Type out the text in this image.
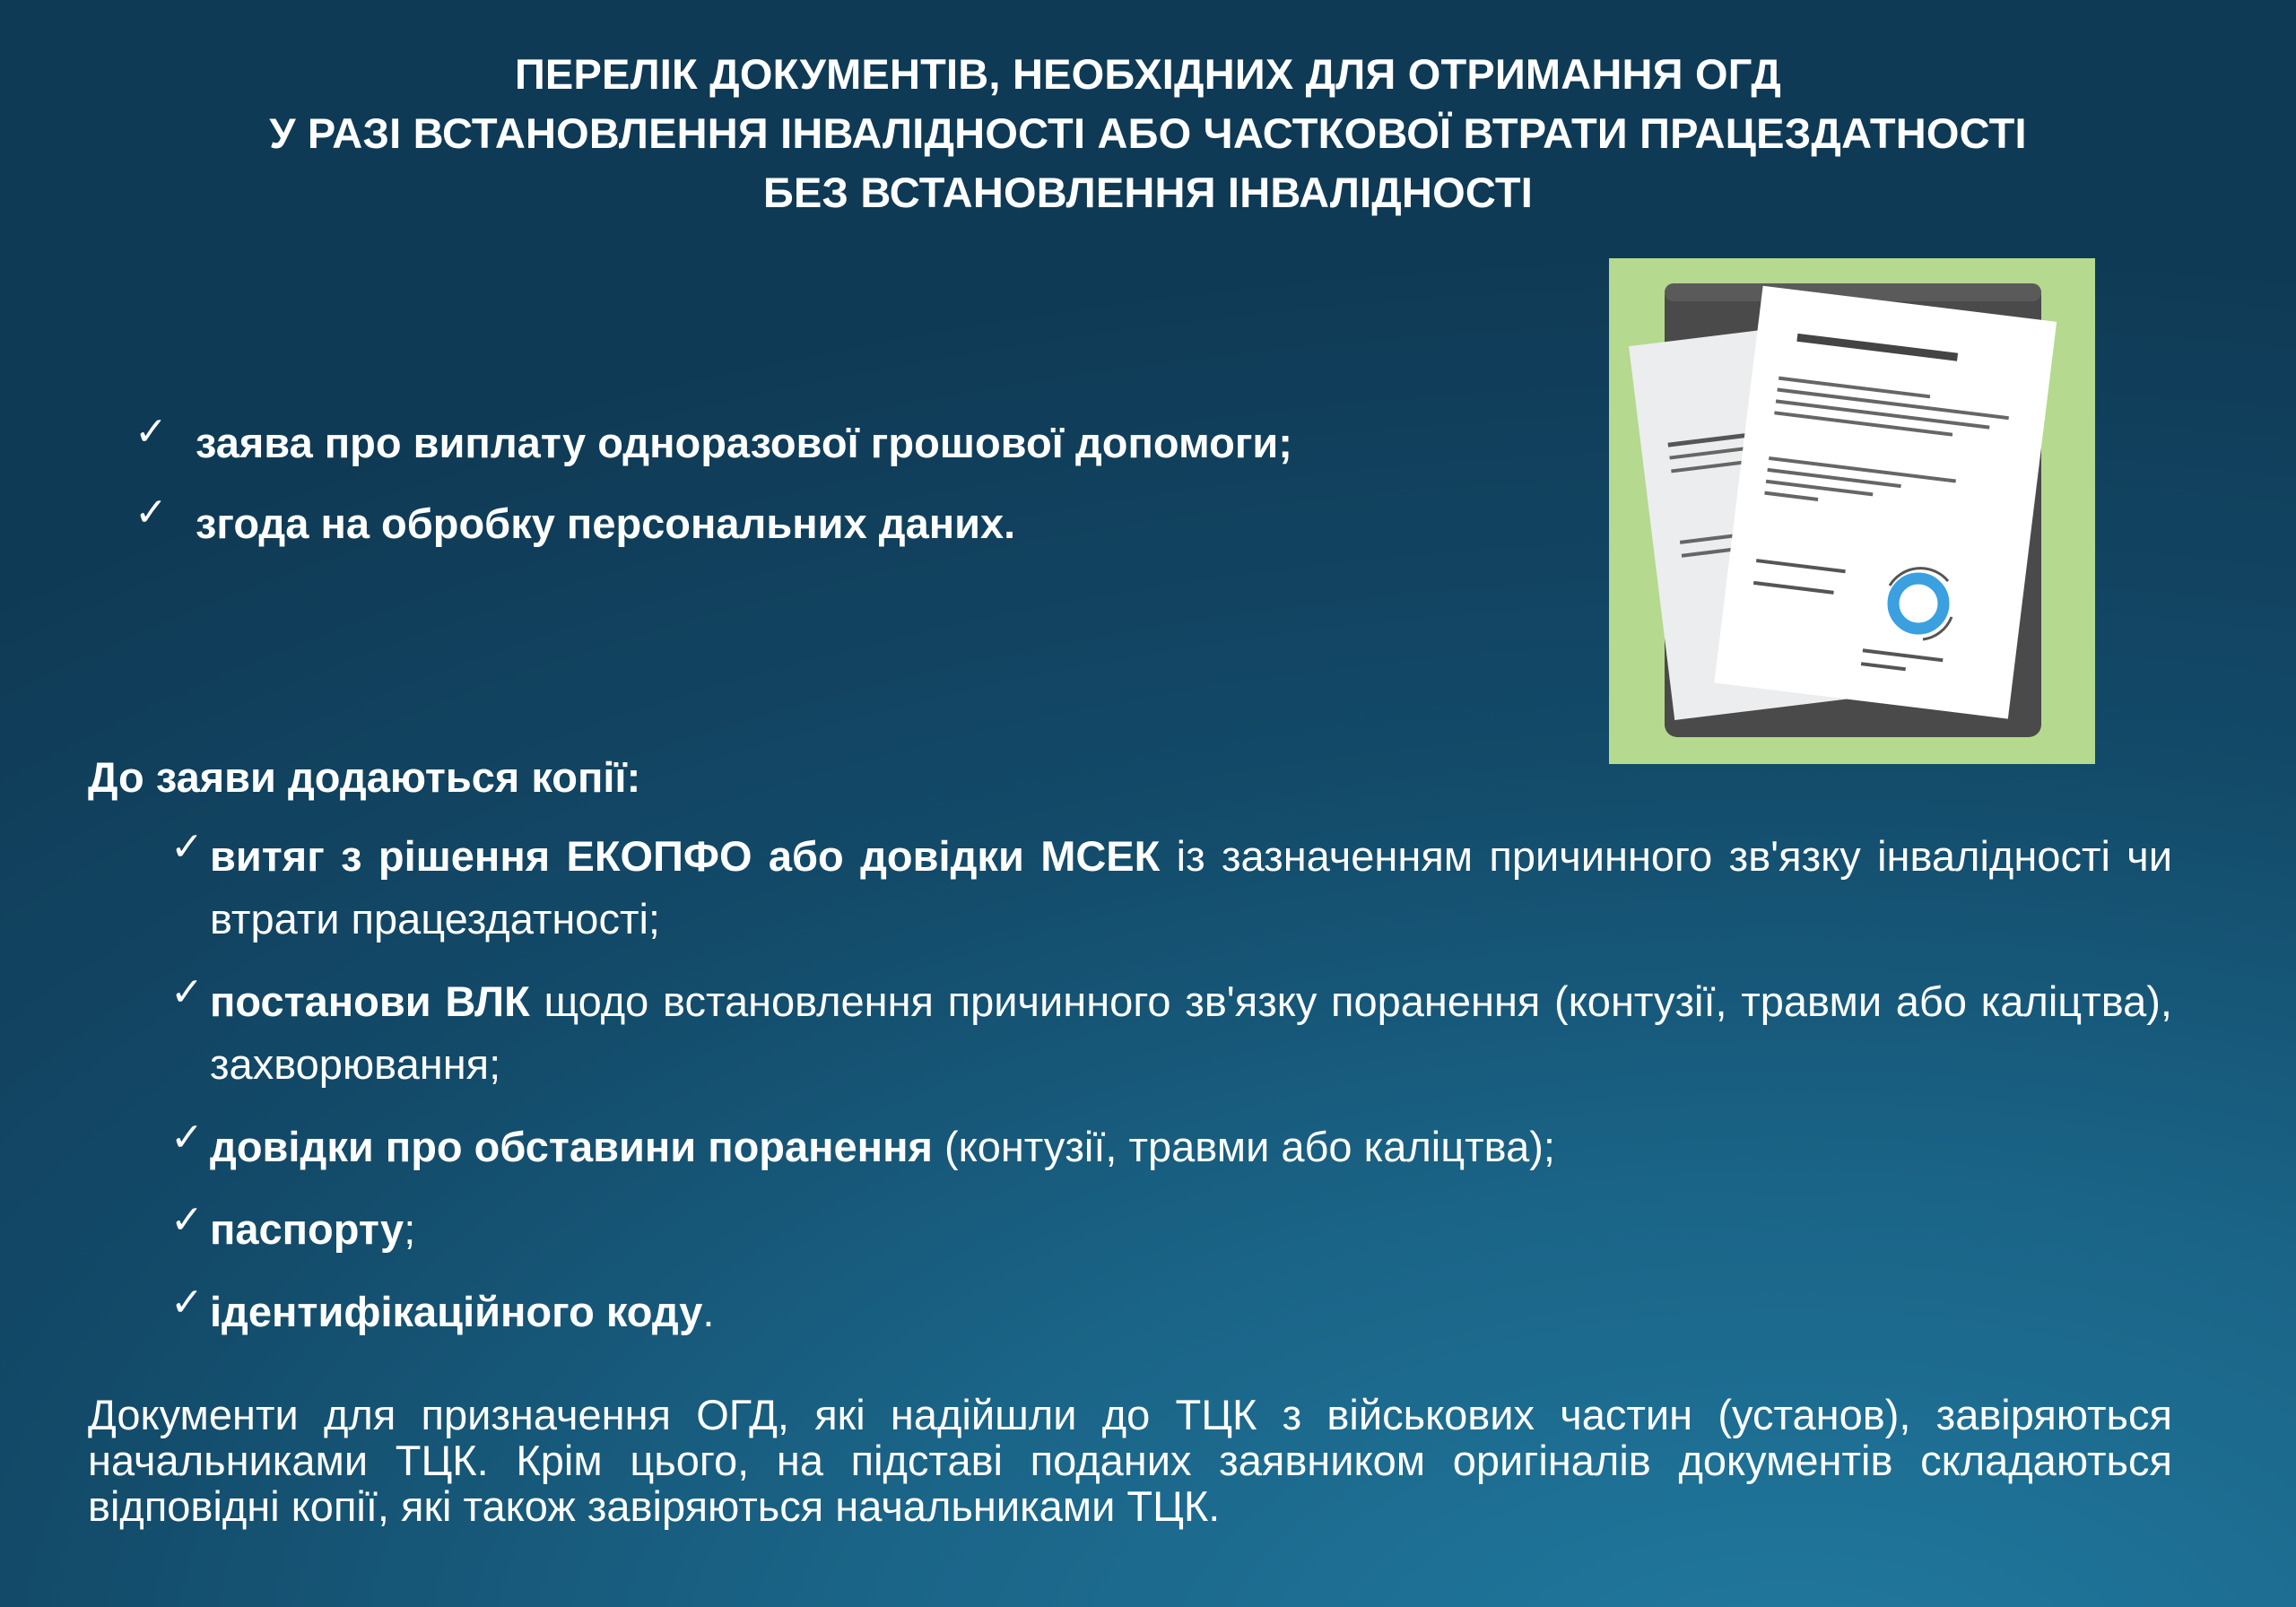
ПЕРЕЛІК ДОКУМЕНТІВ, НЕОБХІДНИХ ДЛЯ ОТРИМАННЯ ОГД
У РАЗІ ВСТАНОВЛЕННЯ ІНВАЛІДНОСТІ АБО ЧАСТКОВОЇ ВТРАТИ ПРАЦЕЗДАТНОСТІ
БЕЗ ВСТАНОВЛЕННЯ ІНВАЛІДНОСТІ
✓ заява про виплату одноразової грошової допомоги;
✓ згода на обробку персональних даних.
До заяви додаються копії:
✓ витяг з рішення ЕКОПФО або довідки МСЕК із зазначенням причинного зв'язку інвалідності чи втрати працездатності;
✓ постанови ВЛК щодо встановлення причинного зв'язку поранення (контузії, травми або каліцтва), захворювання;
✓ довідки про обставини поранення (контузії, травми або каліцтва);
✓ паспорту;
✓ ідентифікаційного коду.
Документи для призначення ОГД, які надійшли до ТЦК з військових частин (установ), завіряються начальниками ТЦК. Крім цього, на підставі поданих заявником оригіналів документів складаються відповідні копії, які також завіряються начальниками ТЦК.
